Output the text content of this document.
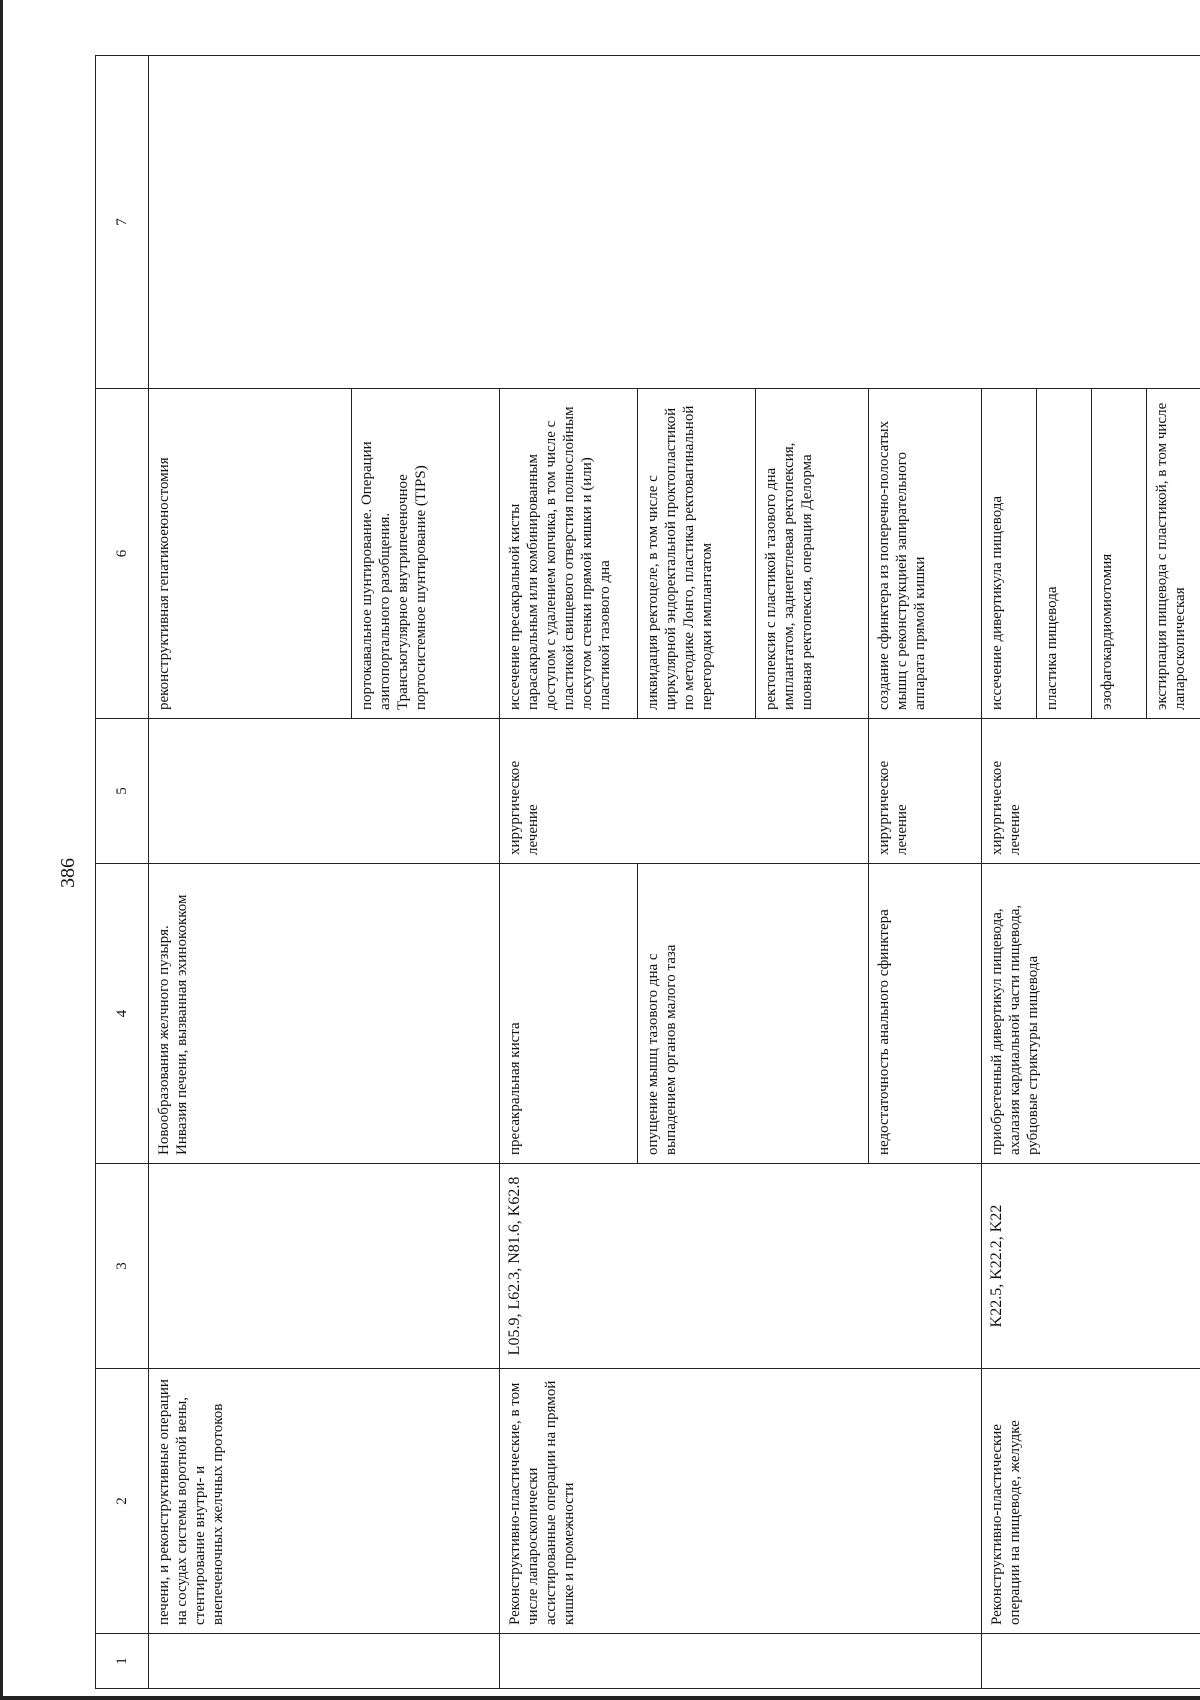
386
1	2	3	4	5	6	7
	печени, и реконструктивные операции на сосудах системы воротной вены, стентирование внутри- и внепеченочных желчных протоков		Новообразования желчного пузыря. Инвазия печени, вызванная эхинококком		реконструктивная гепатикоеюностомия	
					портокавальное шунтирование. Операции азигопортального разобщения. Трансъюгулярное внутрипеченочное портосистемное шунтирование (TIPS)	
	Реконструктивно-пластические, в том числе лапароскопически ассистированные операции на прямой кишке и промежности	L05.9, L62.3, N81.6, K62.8	пресакральная киста	хирургическое лечение	иссечение пресакральной кисты парасакральным или комбинированным доступом с удалением копчика, в том числе с пластикой свищевого отверстия полнослойным лоскутом стенки прямой кишки и (или) пластикой тазового дна	
			опущение мышц тазового дна с выпадением органов малого таза		ликвидация ректоцеле, в том числе с циркулярной эндоректальной проктопластикой по методике Лонго, пластика ректовагинальной перегородки имплантатом	
					ректопексия с пластикой тазового дна имплантатом, заднепетлевая ректопексия, шовная ректопексия, операция Делорма	
			недостаточность анального сфинктера	хирургическое лечение	создание сфинктера из поперечно-полосатых мышц с реконструкцией запирательного аппарата прямой кишки	
	Реконструктивно-пластические операции на пищеводе, желудке	K22.5, K22.2, K22	приобретенный дивертикул пищевода, ахалазия кардиальной части пищевода, рубцовые стриктуры пищевода	хирургическое лечение	иссечение дивертикула пищевода	
					пластика пищевода	
					эзофагокардиомиотомия	
					экстирпация пищевода с пластикой, в том числе лапароскопическая	
